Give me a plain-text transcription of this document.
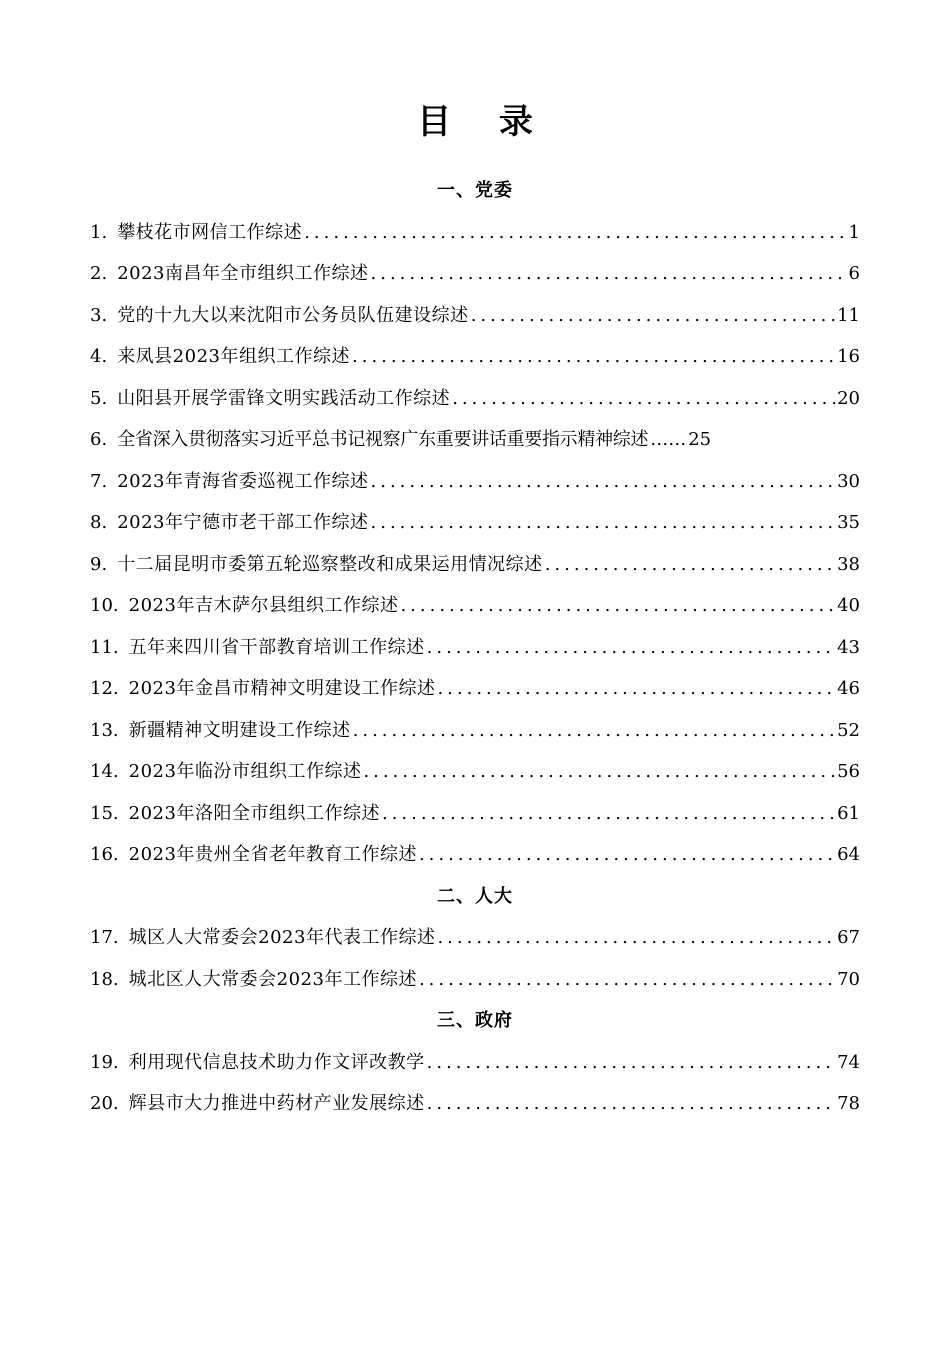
目 录
一、党委
1. 攀枝花市网信工作综述 .....	1
2. 2023南昌年全市组织工作综述 .....	6
3. 党的十九大以来沈阳市公务员队伍建设综述 .....	11
4. 来凤县2023年组织工作综述 .....	16
5. 山阳县开展学雷锋文明实践活动工作综述 .....	20
6. 全省深入贯彻落实习近平总书记视察广东重要讲话重要指示精神综述 …… 25
7. 2023年青海省委巡视工作综述 .....	30
8. 2023年宁德市老干部工作综述 .....	35
9. 十二届昆明市委第五轮巡察整改和成果运用情况综述 .....	38
10. 2023年吉木萨尔县组织工作综述 .....	40
11. 五年来四川省干部教育培训工作综述 .....	43
12. 2023年金昌市精神文明建设工作综述 .....	46
13. 新疆精神文明建设工作综述 .....	52
14. 2023年临汾市组织工作综述 .....	56
15. 2023年洛阳全市组织工作综述 .....	61
16. 2023年贵州全省老年教育工作综述 .....	64
二、人大
17. 城区人大常委会2023年代表工作综述 .....	67
18. 城北区人大常委会2023年工作综述 .....	70
三、政府
19. 利用现代信息技术助力作文评改教学 .....	74
20. 辉县市大力推进中药材产业发展综述 .....	78
